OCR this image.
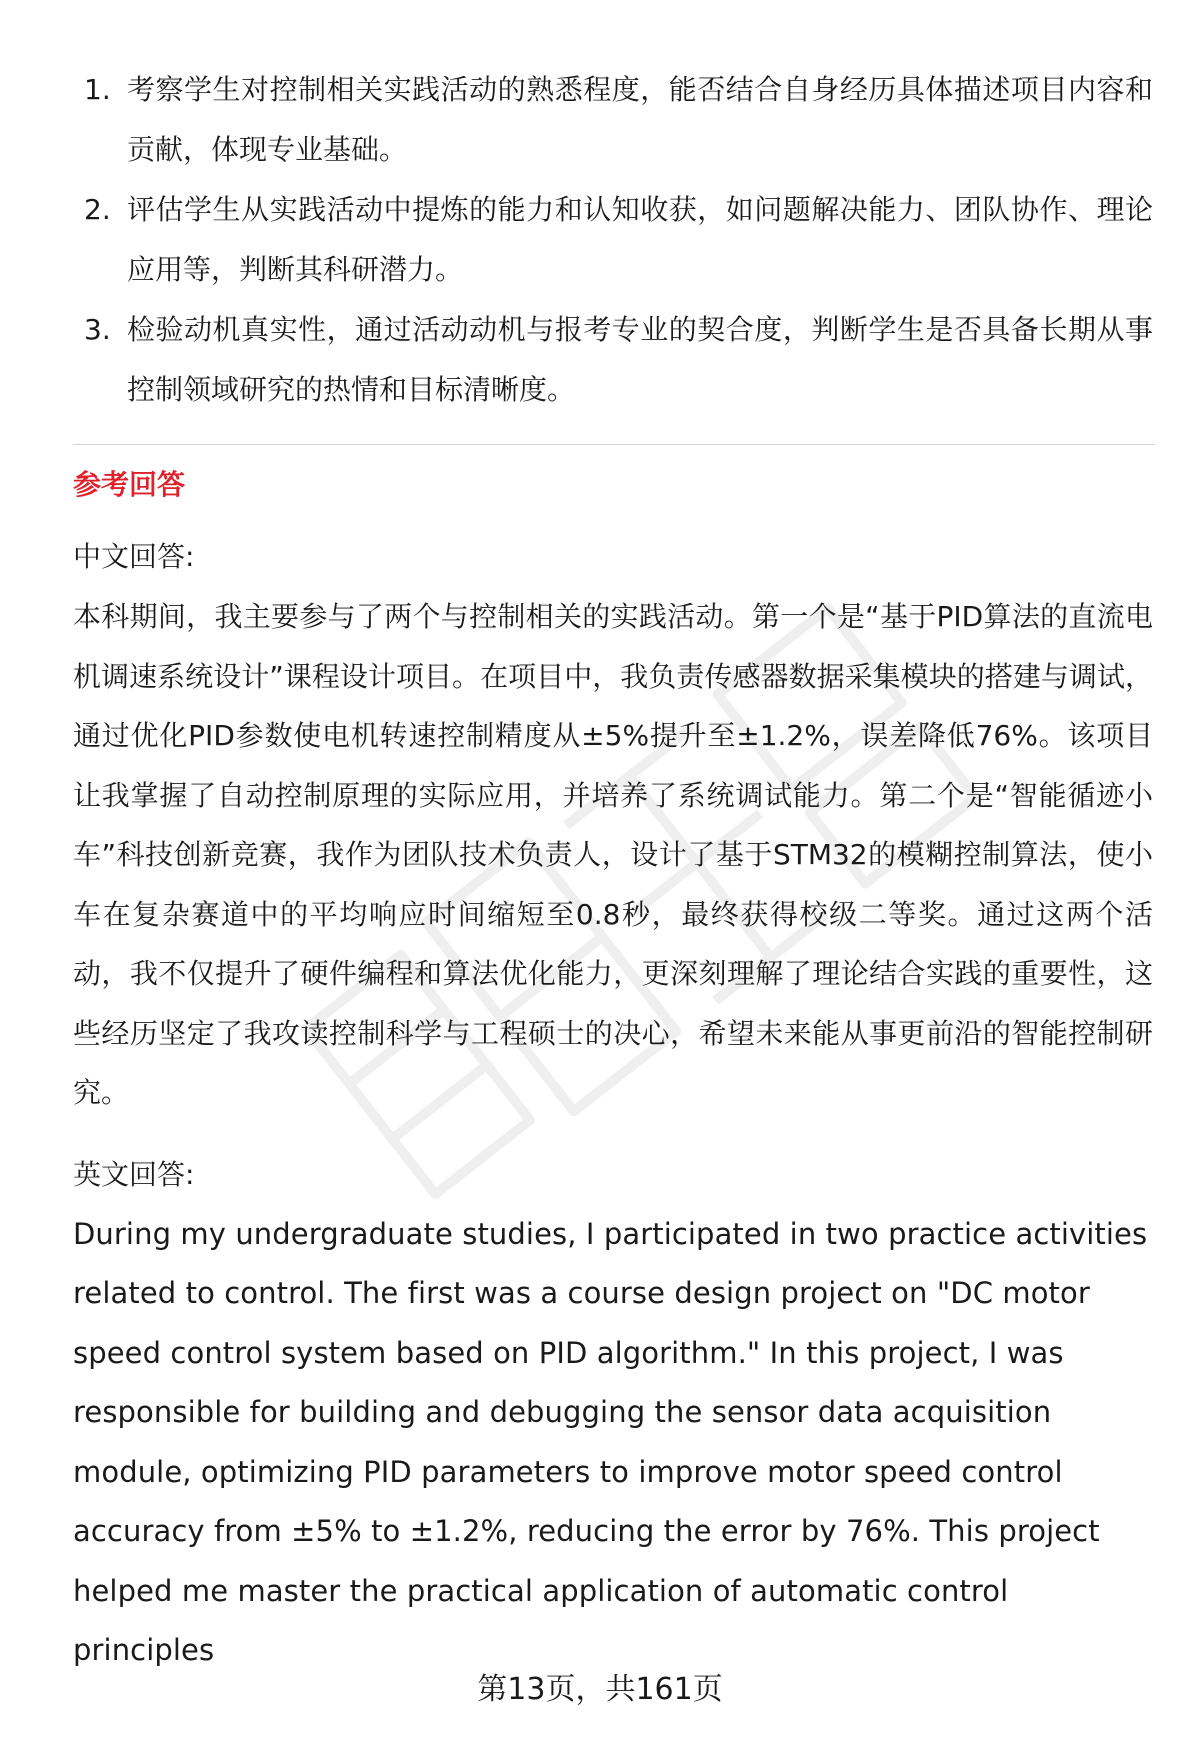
1. 考察学生对控制相关实践活动的熟悉程度，能否结合自身经历具体描述项目内容和贡献，体现专业基础。
2. 评估学生从实践活动中提炼的能力和认知收获，如问题解决能力、团队协作、理论应用等，判断其科研潜力。
3. 检验动机真实性，通过活动动机与报考专业的契合度，判断学生是否具备长期从事控制领域研究的热情和目标清晰度。
参考回答
中文回答:

本科期间，我主要参与了两个与控制相关的实践活动。第一个是“基于PID算法的直流电机调速系统设计”课程设计项目。在项目中，我负责传感器数据采集模块的搭建与调试，通过优化PID参数使电机转速控制精度从±5%提升至±1.2%，误差降低76%。该项目让我掌握了自动控制原理的实际应用，并培养了系统调试能力。第二个是“智能循迹小车”科技创新竞赛，我作为团队技术负责人，设计了基于STM32的模糊控制算法，使小车在复杂赛道中的平均响应时间缩短至0.8秒，最终获得校级二等奖。通过这两个活动，我不仅提升了硬件编程和算法优化能力，更深刻理解了理论结合实践的重要性，这些经历坚定了我攻读控制科学与工程硕士的决心，希望未来能从事更前沿的智能控制研究。

英文回答:

During my undergraduate studies, I participated in two practice activities related to control. The first was a course design project on "DC motor speed control system based on PID algorithm." In this project, I was responsible for building and debugging the sensor data acquisition module, optimizing PID parameters to improve motor speed control accuracy from ±5% to ±1.2%, reducing the error by 76%. This project helped me master the practical application of automatic control principles

第13页，共161页
